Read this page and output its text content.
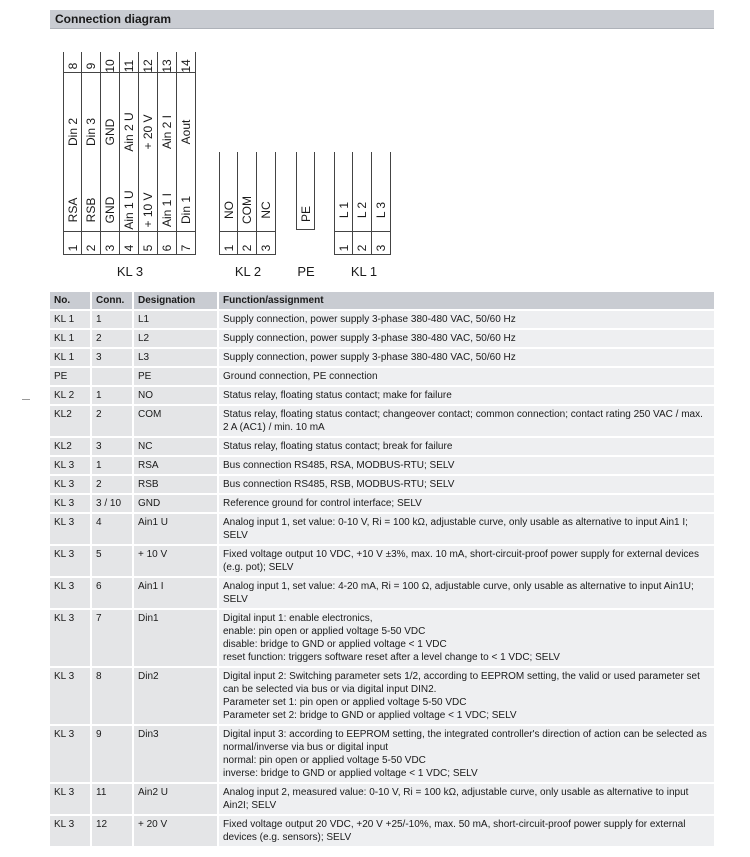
Connection diagram
8
Din 2
9
Din 3
10
GND
11
Ain 2 U
12
+ 20 V
13
Ain 2 I
14
Aout
1
RSA
2
RSB
3
GND
4
Ain 1 U
5
+ 10 V
6
Ain 1 I
7
Din 1
KL 3
1
NO
2
COM
3
NC
KL 2
PE
PE
1
L 1
2
L 2
3
L 3
KL 1
No.	Conn.	Designation	Function/assignment
KL 1	1	L1	Supply connection, power supply 3-phase 380-480 VAC, 50/60 Hz
KL 1	2	L2	Supply connection, power supply 3-phase 380-480 VAC, 50/60 Hz
KL 1	3	L3	Supply connection, power supply 3-phase 380-480 VAC, 50/60 Hz
PE		PE	Ground connection, PE connection
KL 2	1	NO	Status relay, floating status contact; make for failure
KL2	2	COM	Status relay, floating status contact; changeover contact; common connection; contact rating 250 VAC / max. 2 A (AC1) / min. 10 mA
KL2	3	NC	Status relay, floating status contact; break for failure
KL 3	1	RSA	Bus connection RS485, RSA, MODBUS-RTU; SELV
KL 3	2	RSB	Bus connection RS485, RSB, MODBUS-RTU; SELV
KL 3	3 / 10	GND	Reference ground for control interface; SELV
KL 3	4	Ain1 U	Analog input 1, set value: 0-10 V, Ri = 100 kΩ, adjustable curve, only usable as alternative to input Ain1 I; SELV
KL 3	5	+ 10 V	Fixed voltage output 10 VDC, +10 V ±3%, max. 10 mA, short-circuit-proof power supply for external devices (e.g. pot); SELV
KL 3	6	Ain1 I	Analog input 1, set value: 4-20 mA, Ri = 100 Ω, adjustable curve, only usable as alternative to input Ain1U; SELV
KL 3	7	Din1	Digital input 1: enable electronics,
enable: pin open or applied voltage 5-50 VDC
disable: bridge to GND or applied voltage < 1 VDC
reset function: triggers software reset after a level change to < 1 VDC; SELV
KL 3	8	Din2	Digital input 2: Switching parameter sets 1/2, according to EEPROM setting, the valid or used parameter set can be selected via bus or via digital input DIN2.
Parameter set 1: pin open or applied voltage 5-50 VDC
Parameter set 2: bridge to GND or applied voltage < 1 VDC; SELV
KL 3	9	Din3	Digital input 3: according to EEPROM setting, the integrated controller's direction of action can be selected as normal/inverse via bus or digital input
normal: pin open or applied voltage 5-50 VDC
inverse: bridge to GND or applied voltage < 1 VDC; SELV
KL 3	11	Ain2 U	Analog input 2, measured value: 0-10 V, Ri = 100 kΩ, adjustable curve, only usable as alternative to input Ain2I; SELV
KL 3	12	+ 20 V	Fixed voltage output 20 VDC, +20 V +25/-10%, max. 50 mA, short-circuit-proof power supply for external devices (e.g. sensors); SELV
